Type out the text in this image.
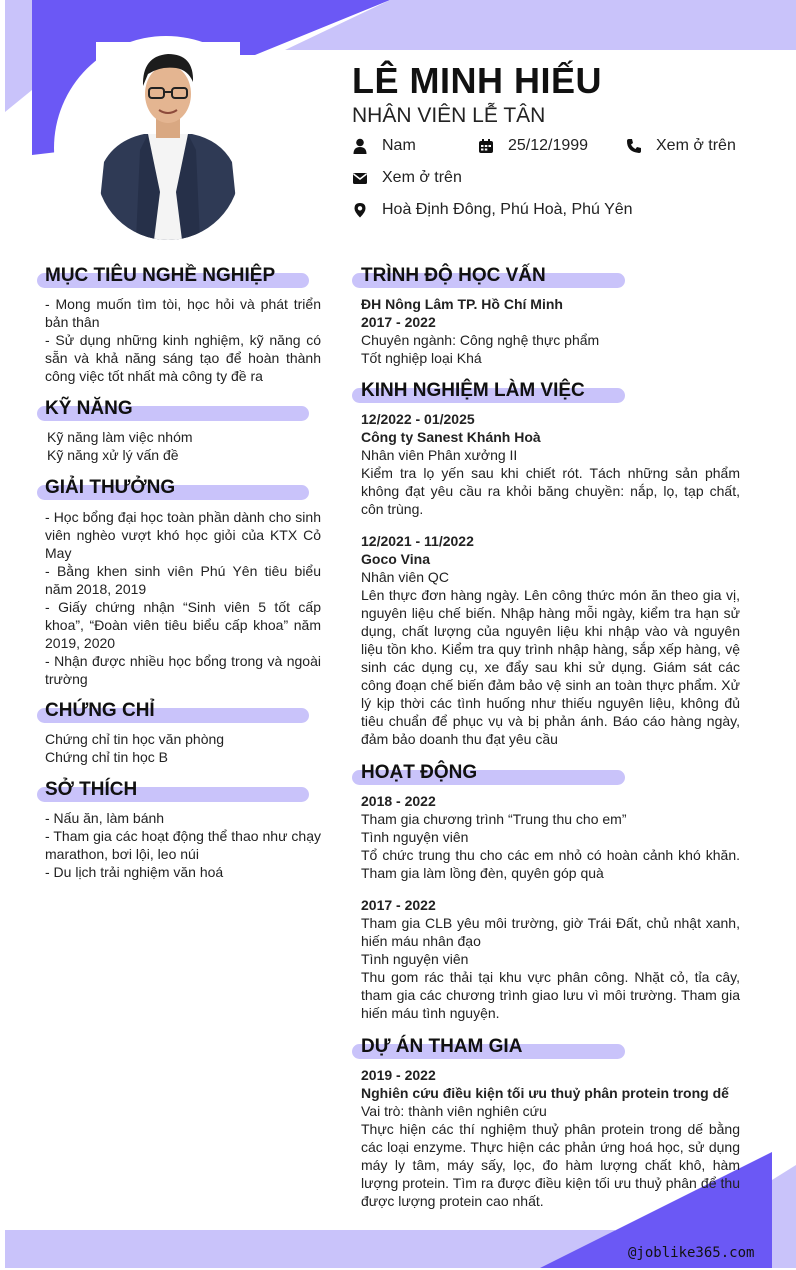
LÊ MINH HIẾU
NHÂN VIÊN LỄ TÂN
Nam	25/12/1999	Xem ở trên
Xem ở trên
Hoà Định Đông, Phú Hoà, Phú Yên
MỤC TIÊU NGHỀ NGHIỆP

- Mong muốn tìm tòi, học hỏi và phát triển bản thân

- Sử dụng những kinh nghiệm, kỹ năng có sẵn và khả năng sáng tạo để hoàn thành công việc tốt nhất mà công ty đề ra

KỸ NĂNG

Kỹ năng làm việc nhóm

Kỹ năng xử lý vấn đề

GIẢI THƯỞNG

- Học bổng đại học toàn phần dành cho sinh viên nghèo vượt khó học giỏi của KTX Cỏ May

- Bằng khen sinh viên Phú Yên tiêu biểu năm 2018, 2019

- Giấy chứng nhận “Sinh viên 5 tốt cấp khoa”, “Đoàn viên tiêu biểu cấp khoa” năm 2019, 2020

- Nhận được nhiều học bổng trong và ngoài trường

CHỨNG CHỈ

Chứng chỉ tin học văn phòng

Chứng chỉ tin học B

SỞ THÍCH

- Nấu ăn, làm bánh

- Tham gia các hoạt động thể thao như chạy marathon, bơi lội, leo núi

- Du lịch trải nghiệm văn hoá

TRÌNH ĐỘ HỌC VẤN

ĐH Nông Lâm TP. Hồ Chí Minh

2017 - 2022

Chuyên ngành: Công nghệ thực phẩm

Tốt nghiệp loại Khá

KINH NGHIỆM LÀM VIỆC

12/2022 - 01/2025

Công ty Sanest Khánh Hoà

Nhân viên Phân xưởng II

Kiểm tra lọ yến sau khi chiết rót. Tách những sản phẩm không đạt yêu cầu ra khỏi băng chuyền: nắp, lọ, tạp chất, côn trùng.

12/2021 - 11/2022

Goco Vina

Nhân viên QC

Lên thực đơn hàng ngày. Lên công thức món ăn theo gia vị, nguyên liệu chế biến. Nhập hàng mỗi ngày, kiểm tra hạn sử dụng, chất lượng của nguyên liệu khi nhập vào và nguyên liệu tồn kho. Kiểm tra quy trình nhập hàng, sắp xếp hàng, vệ sinh các dụng cụ, xe đẩy sau khi sử dụng. Giám sát các công đoạn chế biến đảm bảo vệ sinh an toàn thực phẩm. Xử lý kịp thời các tình huống như thiếu nguyên liệu, không đủ tiêu chuẩn để phục vụ và bị phản ánh. Báo cáo hàng ngày, đảm bảo doanh thu đạt yêu cầu

HOẠT ĐỘNG

2018 - 2022

Tham gia chương trình “Trung thu cho em”

Tình nguyện viên

Tổ chức trung thu cho các em nhỏ có hoàn cảnh khó khăn. Tham gia làm lồng đèn, quyên góp quà

2017 - 2022

Tham gia CLB yêu môi trường, giờ Trái Đất, chủ nhật xanh, hiến máu nhân đạo

Tình nguyện viên

Thu gom rác thải tại khu vực phân công. Nhặt cỏ, tỉa cây, tham gia các chương trình giao lưu vì môi trường. Tham gia hiến máu tình nguyện.

DỰ ÁN THAM GIA

2019 - 2022

Nghiên cứu điều kiện tối ưu thuỷ phân protein trong dế

Vai trò: thành viên nghiên cứu

Thực hiện các thí nghiệm thuỷ phân protein trong dế bằng các loại enzyme. Thực hiện các phản ứng hoá học, sử dụng máy ly tâm, máy sấy, lọc, đo hàm lượng chất khô, hàm lượng protein. Tìm ra được điều kiện tối ưu thuỷ phân để thu được lượng protein cao nhất.

@joblike365.com
